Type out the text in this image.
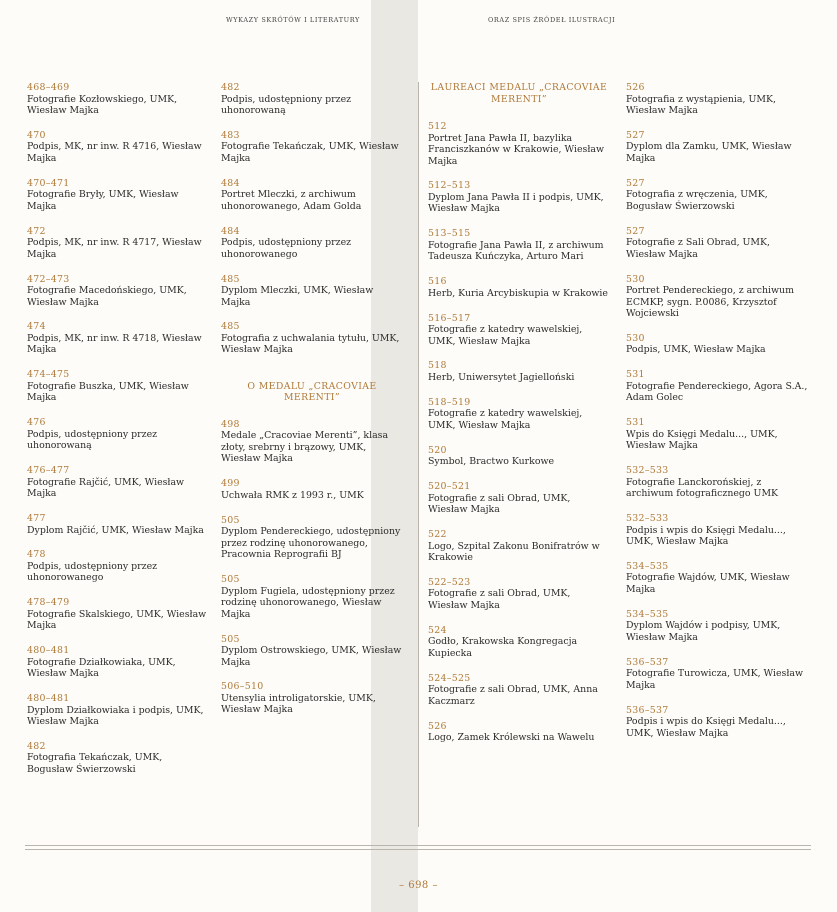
WYKAZY SKRÓTÓW I LITERATURY	ORAZ SPIS ŹRÓDEŁ ILUSTRACJI
468–469
Fotografie Kozłowskiego, UMK, Wiesław Majka
470
Podpis, MK, nr inw. R 4716, Wiesław Majka
470–471
Fotografie Bryły, UMK, Wiesław Majka
472
Podpis, MK, nr inw. R 4717, Wiesław Majka
472–473
Fotografie Macedońskiego, UMK, Wiesław Majka
474
Podpis, MK, nr inw. R 4718, Wiesław Majka
474–475
Fotografie Buszka, UMK, Wiesław Majka
476
Podpis, udostępniony przez uhonorowaną
476–477
Fotografie Rajčić, UMK, Wiesław Majka
477
Dyplom Rajčić, UMK, Wiesław Majka
478
Podpis, udostępniony przez uhonorowanego
478–479
Fotografie Skalskiego, UMK, Wiesław Majka
480–481
Fotografie Działkowiaka, UMK, Wiesław Majka
480–481
Dyplom Działkowiaka i podpis, UMK, Wiesław Majka
482
Fotografia Tekańczak, UMK, Bogusław Świerzowski
482
Podpis, udostępniony przez uhonorowaną
483
Fotografie Tekańczak, UMK, Wiesław Majka
484
Portret Mleczki, z archiwum uhonorowanego, Adam Golda
484
Podpis, udostępniony przez uhonorowanego
485
Dyplom Mleczki, UMK, Wiesław Majka
485
Fotografia z uchwalania tytułu, UMK, Wiesław Majka
O MEDALU „CRACOVIAE MERENTI”
498
Medale „Cracoviae Merenti”, klasa złoty, srebrny i brązowy, UMK, Wiesław Majka
499
Uchwała RMK z 1993 r., UMK
505
Dyplom Pendereckiego, udostępniony przez rodzinę uhonorowanego, Pracownia Reprografii BJ
505
Dyplom Fugiela, udostępniony przez rodzinę uhonorowanego, Wiesław Majka
505
Dyplom Ostrowskiego, UMK, Wiesław Majka
506–510
Utensylia introligatorskie, UMK, Wiesław Majka
LAUREACI MEDALU „CRACOVIAE MERENTI”
512
Portret Jana Pawła II, bazylika Franciszkanów w Krakowie, Wiesław Majka
512–513
Dyplom Jana Pawła II i podpis, UMK, Wiesław Majka
513–515
Fotografie Jana Pawła II, z archiwum Tadeusza Kuńczyka, Arturo Mari
516
Herb, Kuria Arcybiskupia w Krakowie
516–517
Fotografie z katedry wawelskiej, UMK, Wiesław Majka
518
Herb, Uniwersytet Jagielloński
518–519
Fotografie z katedry wawelskiej, UMK, Wiesław Majka
520
Symbol, Bractwo Kurkowe
520–521
Fotografie z sali Obrad, UMK, Wiesław Majka
522
Logo, Szpital Zakonu Bonifratrów w Krakowie
522–523
Fotografie z sali Obrad, UMK, Wiesław Majka
524
Godło, Krakowska Kongregacja Kupiecka
524–525
Fotografie z sali Obrad, UMK, Anna Kaczmarz
526
Logo, Zamek Królewski na Wawelu
526
Fotografia z wystąpienia, UMK, Wiesław Majka
527
Dyplom dla Zamku, UMK, Wiesław Majka
527
Fotografia z wręczenia, UMK, Bogusław Świerzowski
527
Fotografie z Sali Obrad, UMK, Wiesław Majka
530
Portret Pendereckiego, z archiwum ECMKP, sygn. P.0086, Krzysztof Wojciewski
530
Podpis, UMK, Wiesław Majka
531
Fotografie Pendereckiego, Agora S.A., Adam Golec
531
Wpis do Księgi Medalu..., UMK, Wiesław Majka
532–533
Fotografie Lanckorońskiej, z archiwum fotograficznego UMK
532–533
Podpis i wpis do Księgi Medalu..., UMK, Wiesław Majka
534–535
Fotografie Wajdów, UMK, Wiesław Majka
534–535
Dyplom Wajdów i podpisy, UMK, Wiesław Majka
536–537
Fotografie Turowicza, UMK, Wiesław Majka
536–537
Podpis i wpis do Księgi Medalu..., UMK, Wiesław Majka
– 698 –
